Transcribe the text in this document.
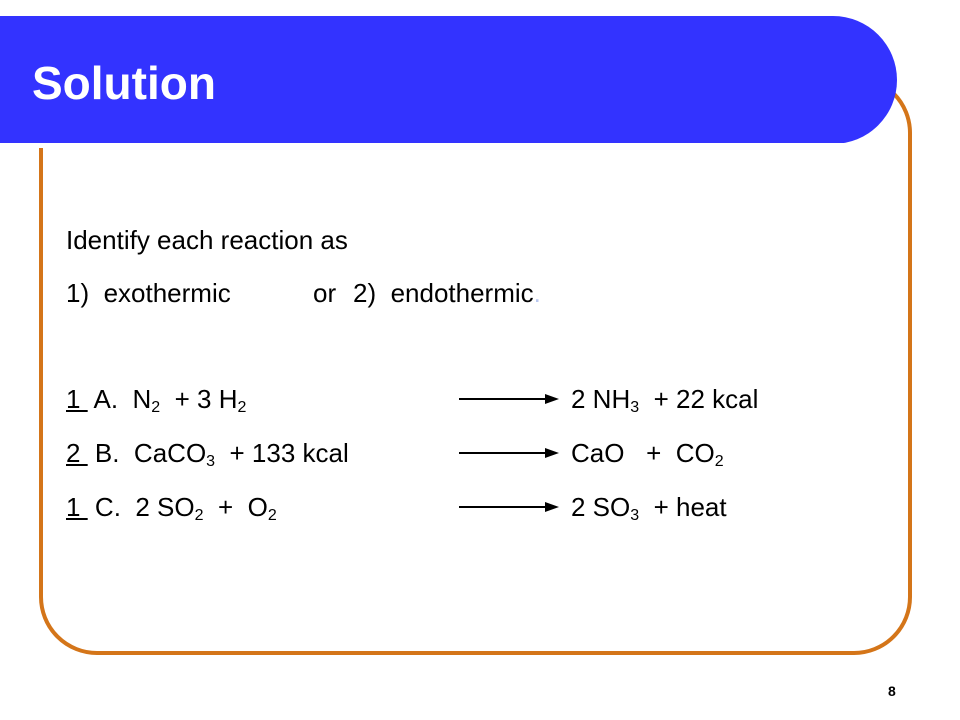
Solution
Identify each reaction as
1)  exothermic	or 2)  endothermic.
1  A.  $N_2 + 3$ $H_2$	2 $NH_3 + 22$ kcal
2  B.  CaCO$_3$  + 133 kcal	CaO   +  $CO_2$
1  C.  2 $SO_2 + O_2$	2 $SO_3$  + heat
8
